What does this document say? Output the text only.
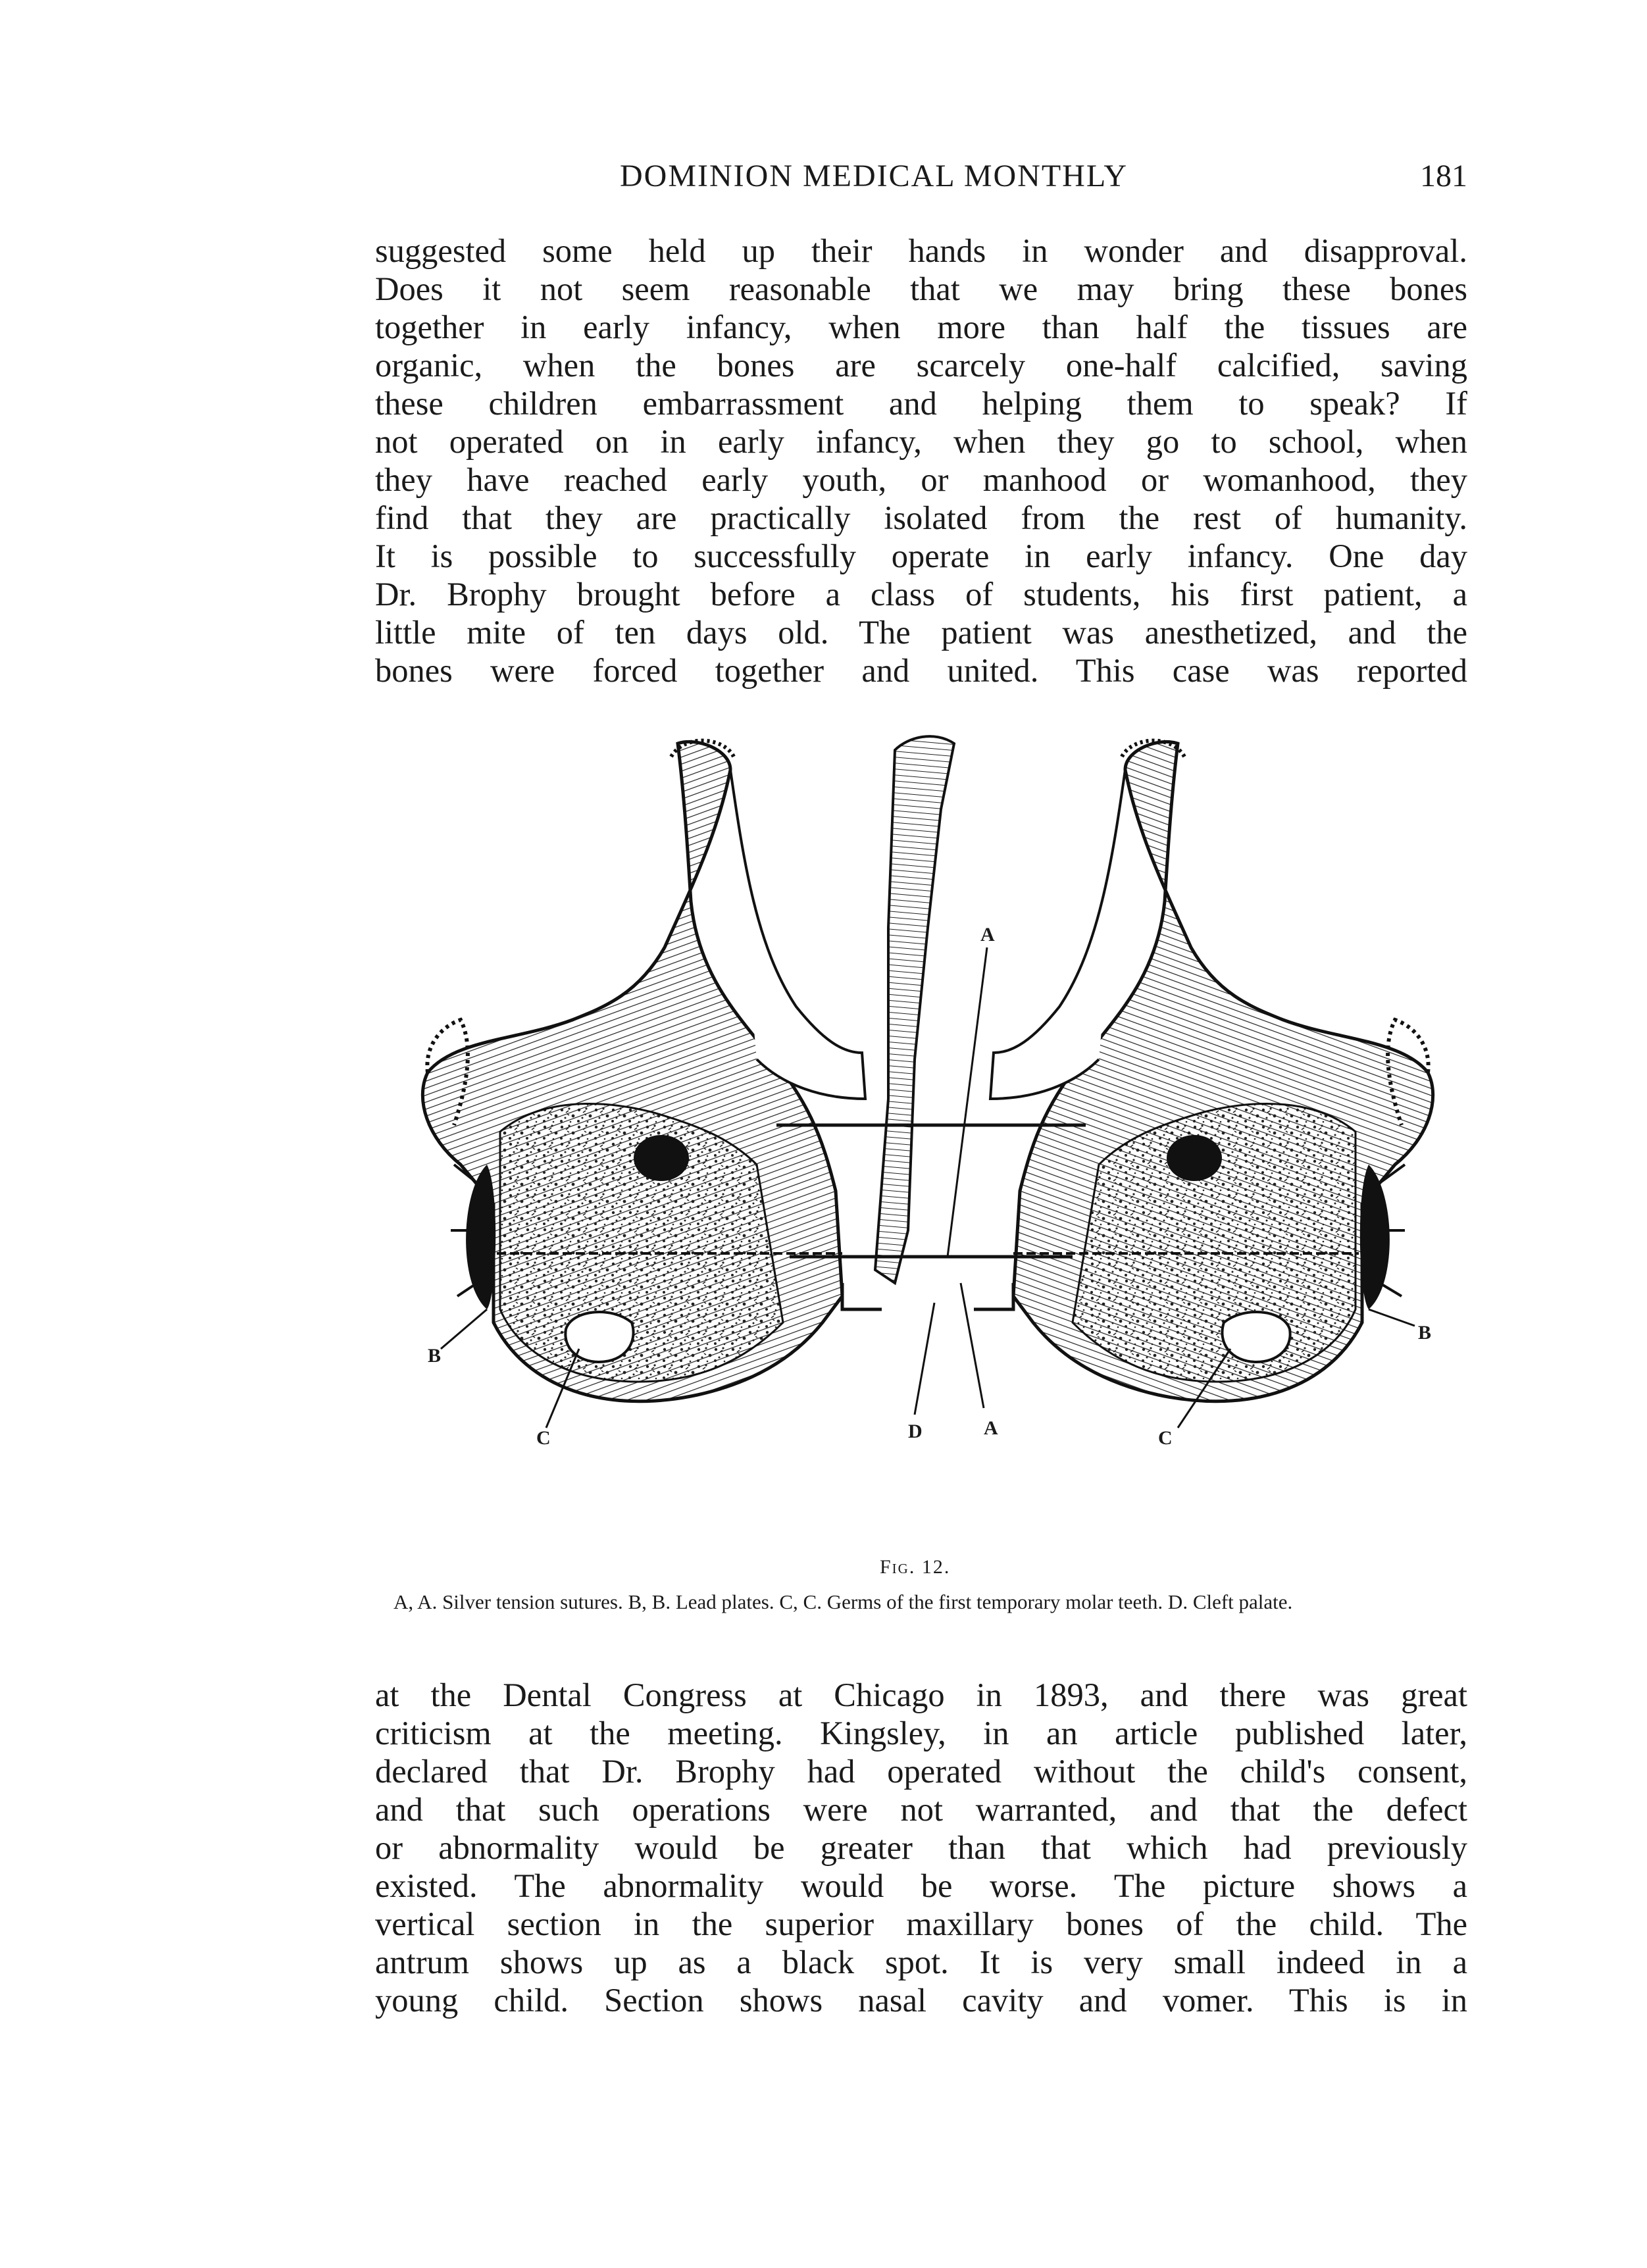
DOMINION MEDICAL MONTHLY	181
suggested some held up their hands in wonder and disapproval.
Does it not seem reasonable that we may bring these bones
together in early infancy, when more than half the tissues are
organic, when the bones are scarcely one-half calcified, saving
these children embarrassment and helping them to speak? If
not operated on in early infancy, when they go to school, when
they have reached early youth, or manhood or womanhood, they
find that they are practically isolated from the rest of humanity.
It is possible to successfully operate in early infancy. One day
Dr. Brophy brought before a class of students, his first patient, a
little mite of ten days old. The patient was anesthetized, and the
bones were forced together and united. This case was reported
A
A
B
B
C	C
D
Fig. 12.
A, A. Silver tension sutures. B, B. Lead plates. C, C. Germs of the first temporary molar teeth. D. Cleft palate.
at the Dental Congress at Chicago in 1893, and there was great
criticism at the meeting. Kingsley, in an article published later,
declared that Dr. Brophy had operated without the child's consent,
and that such operations were not warranted, and that the defect
or abnormality would be greater than that which had previously
existed. The abnormality would be worse. The picture shows a
vertical section in the superior maxillary bones of the child. The
antrum shows up as a black spot. It is very small indeed in a
young child. Section shows nasal cavity and vomer. This is in
